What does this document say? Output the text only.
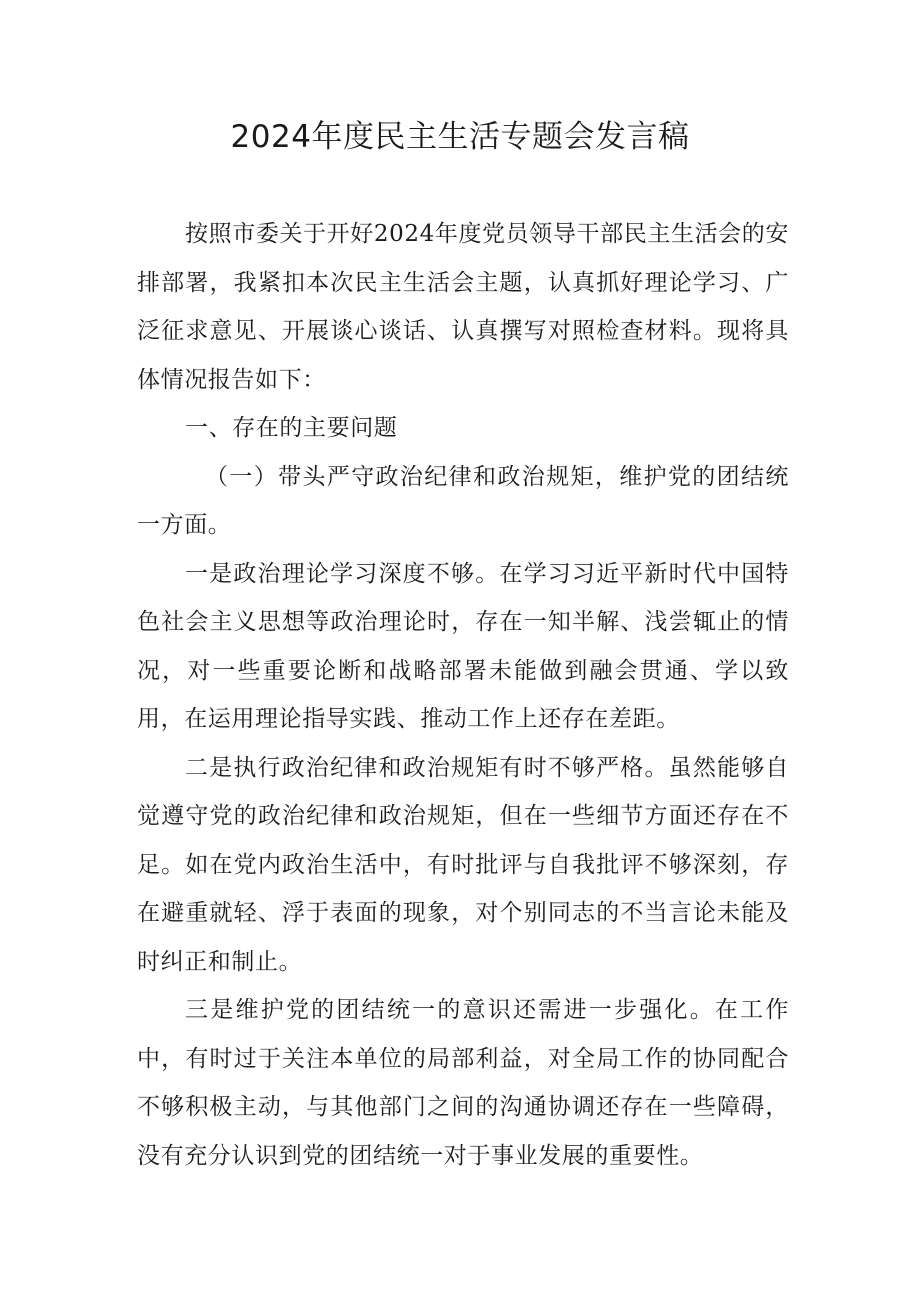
2024年度民主生活专题会发言稿

按照市委关于开好2024年度党员领导干部民主生活会的安排部署，我紧扣本次民主生活会主题，认真抓好理论学习、广泛征求意见、开展谈心谈话、认真撰写对照检查材料。现将具体情况报告如下：

一、存在的主要问题

（一）带头严守政治纪律和政治规矩，维护党的团结统一方面。

一是政治理论学习深度不够。在学习习近平新时代中国特色社会主义思想等政治理论时，存在一知半解、浅尝辄止的情况，对一些重要论断和战略部署未能做到融会贯通、学以致用，在运用理论指导实践、推动工作上还存在差距。

二是执行政治纪律和政治规矩有时不够严格。虽然能够自觉遵守党的政治纪律和政治规矩，但在一些细节方面还存在不足。如在党内政治生活中，有时批评与自我批评不够深刻，存在避重就轻、浮于表面的现象，对个别同志的不当言论未能及时纠正和制止。

三是维护党的团结统一的意识还需进一步强化。在工作中，有时过于关注本单位的局部利益，对全局工作的协同配合不够积极主动，与其他部门之间的沟通协调还存在一些障碍，没有充分认识到党的团结统一对于事业发展的重要性。
